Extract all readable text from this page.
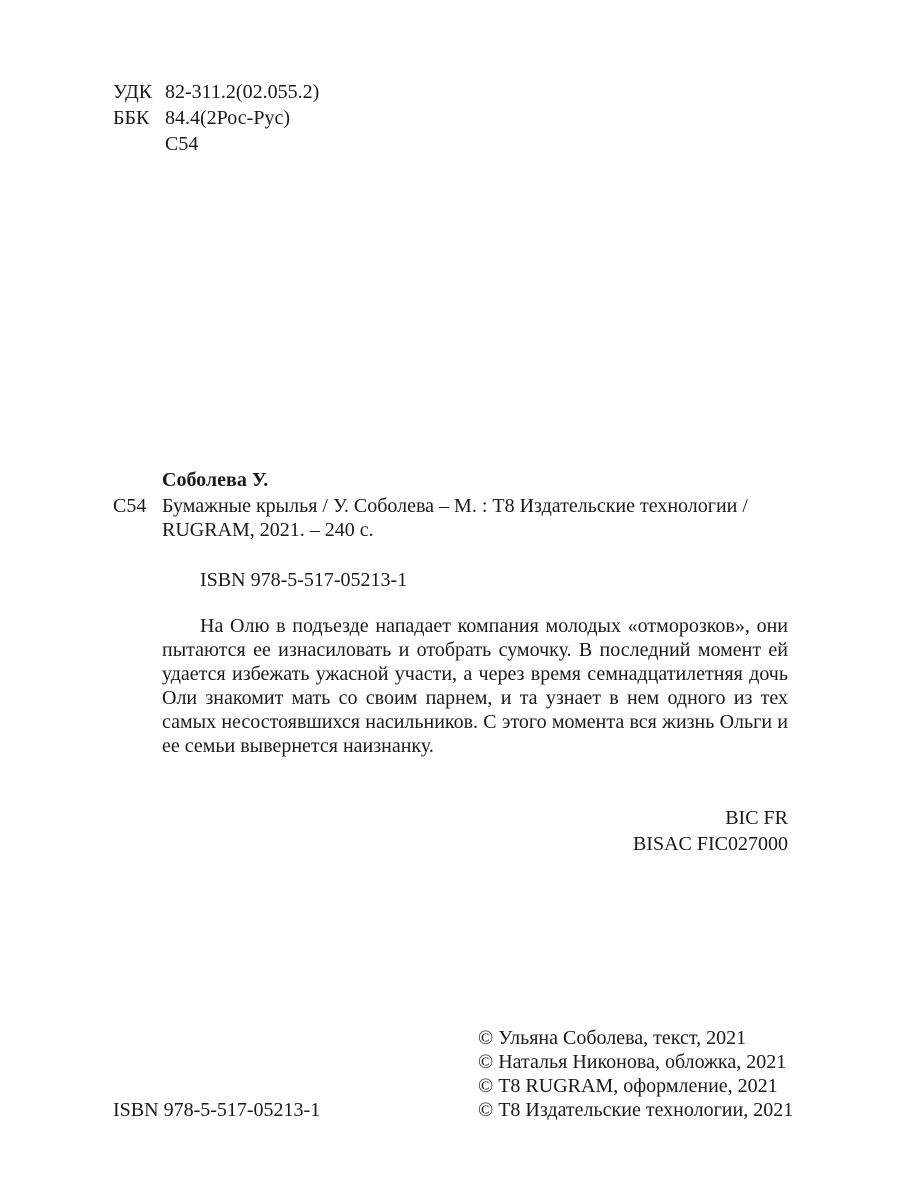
УДК 82-311.2(02.055.2)
ББК 84.4(2Рос-Рус)
С54
Соболева У.
С54 Бумажные крылья / У. Соболева – М. : Т8 Издательские технологии /
RUGRAM, 2021. – 240 с.
ISBN 978-5-517-05213-1
На Олю в подъезде нападает компания молодых «отморозков», они пытаются ее изнасиловать и отобрать сумочку. В последний момент ей удается избежать ужасной участи, а через время семнадцатилетняя дочь Оли знакомит мать со своим парнем, и та узнает в нем одного из тех самых несостоявшихся насильников. С этого момента вся жизнь Ольги и ее семьи вывернется наизнанку.
BIC FR
BISAC FIC027000
© Ульяна Соболева, текст, 2021
© Наталья Никонова, обложка, 2021
© Т8 RUGRAM, оформление, 2021
© Т8 Издательские технологии, 2021
ISBN 978-5-517-05213-1
